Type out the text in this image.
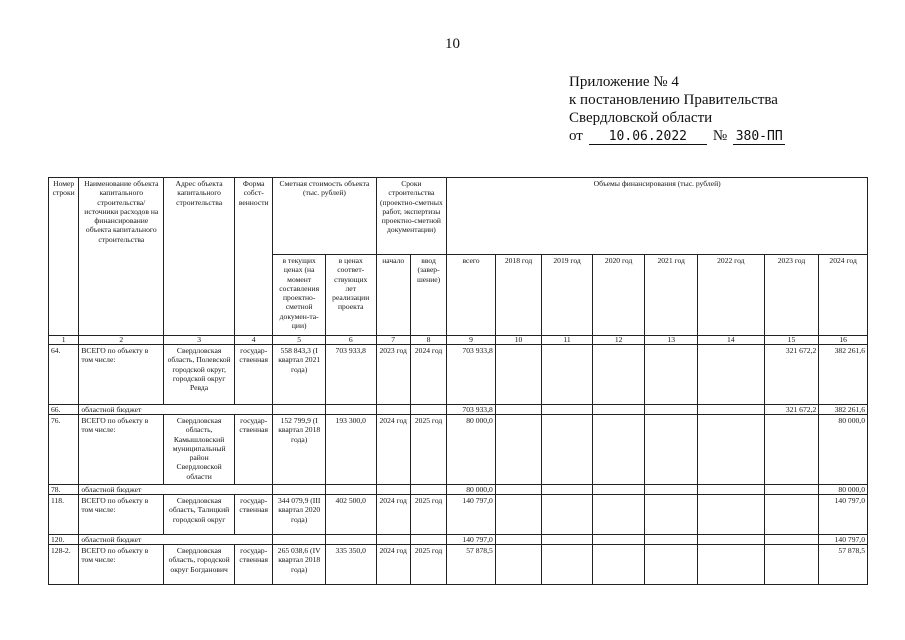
10
Приложение № 4
к постановлению Правительства
Свердловской области
от	10.06.2022	№ 380-ПП
Номер строки	Наименование объекта капитального строительства/ источники расходов на финансирование объекта капитального строительства	Адрес объекта капитального строительства	Форма собст-венности	Сметная стоимость объекта (тыс. рублей)		Сроки строительства (проектно-сметных работ, экспертизы проектно-сметной документации)		Объемы финансирования (тыс. рублей)							
				в текущих ценах (на момент составления проектно-сметной докумен-та-ции)	в ценах соответ-ствующих лет реализации проекта	начало	ввод (завер-шение)	всего	2018 год	2019 год	2020 год	2021 год	2022 год	2023 год	2024 год
1	2	3	4	5	6	7	8	9	10	11	12	13	14	15	16
64.	ВСЕГО по объекту в том числе:	Свердловская область, Полевской городской округ, городской округ Ревда	государ-ственная	558 843,3 (I квартал 2021 года)	703 933,8	2023 год	2024 год	703 933,8						321 672,2	382 261,6
66.	областной бюджет							703 933,8						321 672,2	382 261,6
76.	ВСЕГО по объекту в том числе:	Свердловская область, Камышловский муниципальный район Свердловской области	государ-ственная	152 799,9 (I квартал 2018 года)	193 300,0	2024 год	2025 год	80 000,0							80 000,0
78.	областной бюджет							80 000,0							80 000,0
118.	ВСЕГО по объекту в том числе:	Свердловская область, Талицкий городской округ	государ-ственная	344 079,9 (III квартал 2020 года)	402 500,0	2024 год	2025 год	140 797,0							140 797,0
120.	областной бюджет							140 797,0							140 797,0
128-2.	ВСЕГО по объекту в том числе:	Свердловская область, городской округ Богданович	государ-ственная	265 038,6 (IV квартал 2018 года)	335 350,0	2024 год	2025 год	57 878,5							57 878,5
